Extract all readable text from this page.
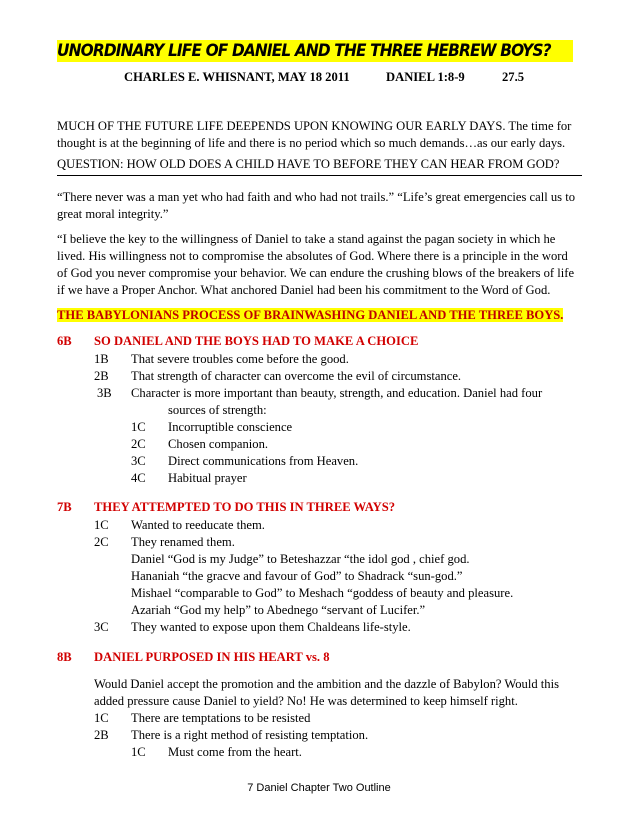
UNORDINARY LIFE OF DANIEL AND THE THREE HEBREW BOYS?
CHARLES E. WHISNANT, MAY 18 2011	DANIEL 1:8-9	27.5
MUCH OF THE FUTURE LIFE DEEPENDS UPON KNOWING OUR EARLY DAYS. The time for
thought is at the beginning of life and there is no period which so much demands…as our early days.
QUESTION: HOW OLD DOES A CHILD HAVE TO BEFORE THEY CAN HEAR FROM GOD?
“There never was a man yet who had faith and who had not trails.” “Life’s great emergencies call us to
great moral integrity.”
“I believe the key to the willingness of Daniel to take a stand against the pagan society in which he
lived. His willingness not to compromise the absolutes of God. Where there is a principle in the word
of God you never compromise your behavior. We can endure the crushing blows of the breakers of life
if we have a Proper Anchor. What anchored Daniel had been his commitment to the Word of God.
THE BABYLONIANS PROCESS OF BRAINWASHING DANIEL AND THE THREE BOYS.
6B SO DANIEL AND THE BOYS HAD TO MAKE A CHOICE
1B That severe troubles come before the good.
2B That strength of character can overcome the evil of circumstance.
3B Character is more important than beauty, strength, and education. Daniel had four
sources of strength:
1C Incorruptible conscience
2C Chosen companion.
3C Direct communications from Heaven.
4C Habitual prayer
7B THEY ATTEMPTED TO DO THIS IN THREE WAYS?
1C Wanted to reeducate them.
2C They renamed them.
Daniel “God is my Judge” to Beteshazzar “the idol god , chief god.
Hananiah “the gracve and favour of God” to Shadrack “sun-god.”
Mishael “comparable to God” to Meshach “goddess of beauty and pleasure.
Azariah “God my help” to Abednego “servant of Lucifer.”
3C They wanted to expose upon them Chaldeans life-style.
8B DANIEL PURPOSED IN HIS HEART vs. 8
Would Daniel accept the promotion and the ambition and the dazzle of Babylon? Would this
added pressure cause Daniel to yield? No! He was determined to keep himself right.
1C There are temptations to be resisted
2B There is a right method of resisting temptation.
1C Must come from the heart.
7 Daniel Chapter Two Outline
